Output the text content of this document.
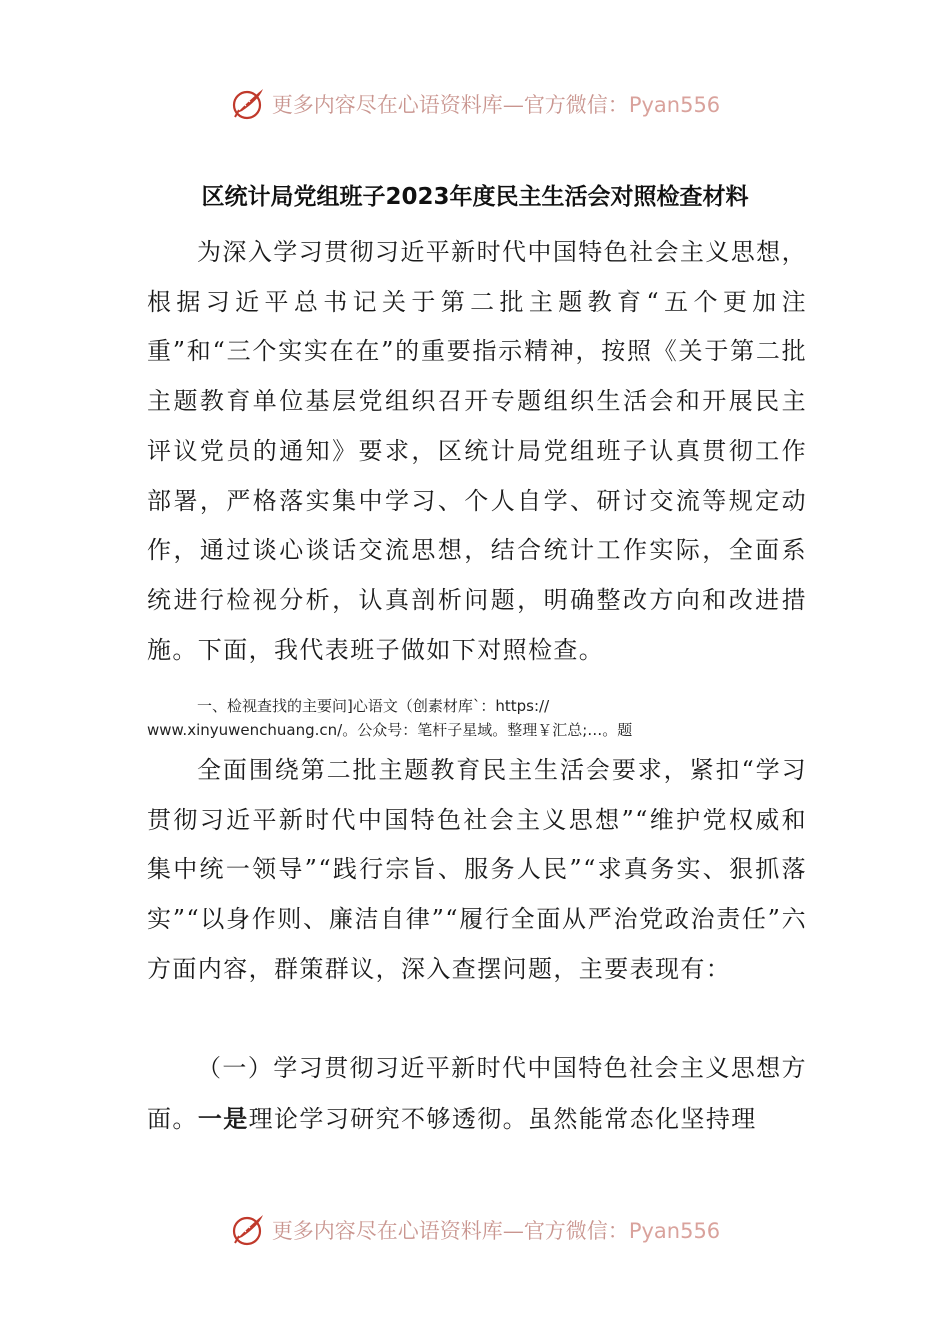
更多内容尽在心语资料库—官方微信：Pyan556
区统计局党组班子2023年度民主生活会对照检查材料

为深入学习贯彻习近平新时代中国特色社会主义思想，根据习近平总书记关于第二批主题教育“五个更加注重”和“三个实实在在”的重要指示精神，按照《关于第二批主题教育单位基层党组织召开专题组织生活会和开展民主评议党员的通知》要求，区统计局党组班子认真贯彻工作部署，严格落实集中学习、个人自学、研讨交流等规定动作，通过谈心谈话交流思想，结合统计工作实际，全面系统进行检视分析，认真剖析问题，明确整改方向和改进措施。下面，我代表班子做如下对照检查。

一、检视查找的主要问]心语文（创素材库`：https://
www.xinyuwenchuang.cn/。公众号：笔杆子星域。整理￥汇总;…。题

全面围绕第二批主题教育民主生活会要求，紧扣“学习贯彻习近平新时代中国特色社会主义思想”“维护党权威和集中统一领导”“践行宗旨、服务人民”“求真务实、狠抓落实”“以身作则、廉洁自律”“履行全面从严治党政治责任”六方面内容，群策群议，深入查摆问题，主要表现有：

（一）学习贯彻习近平新时代中国特色社会主义思想方面。一是理论学习研究不够透彻。虽然能常态化坚持理

更多内容尽在心语资料库—官方微信：Pyan556
